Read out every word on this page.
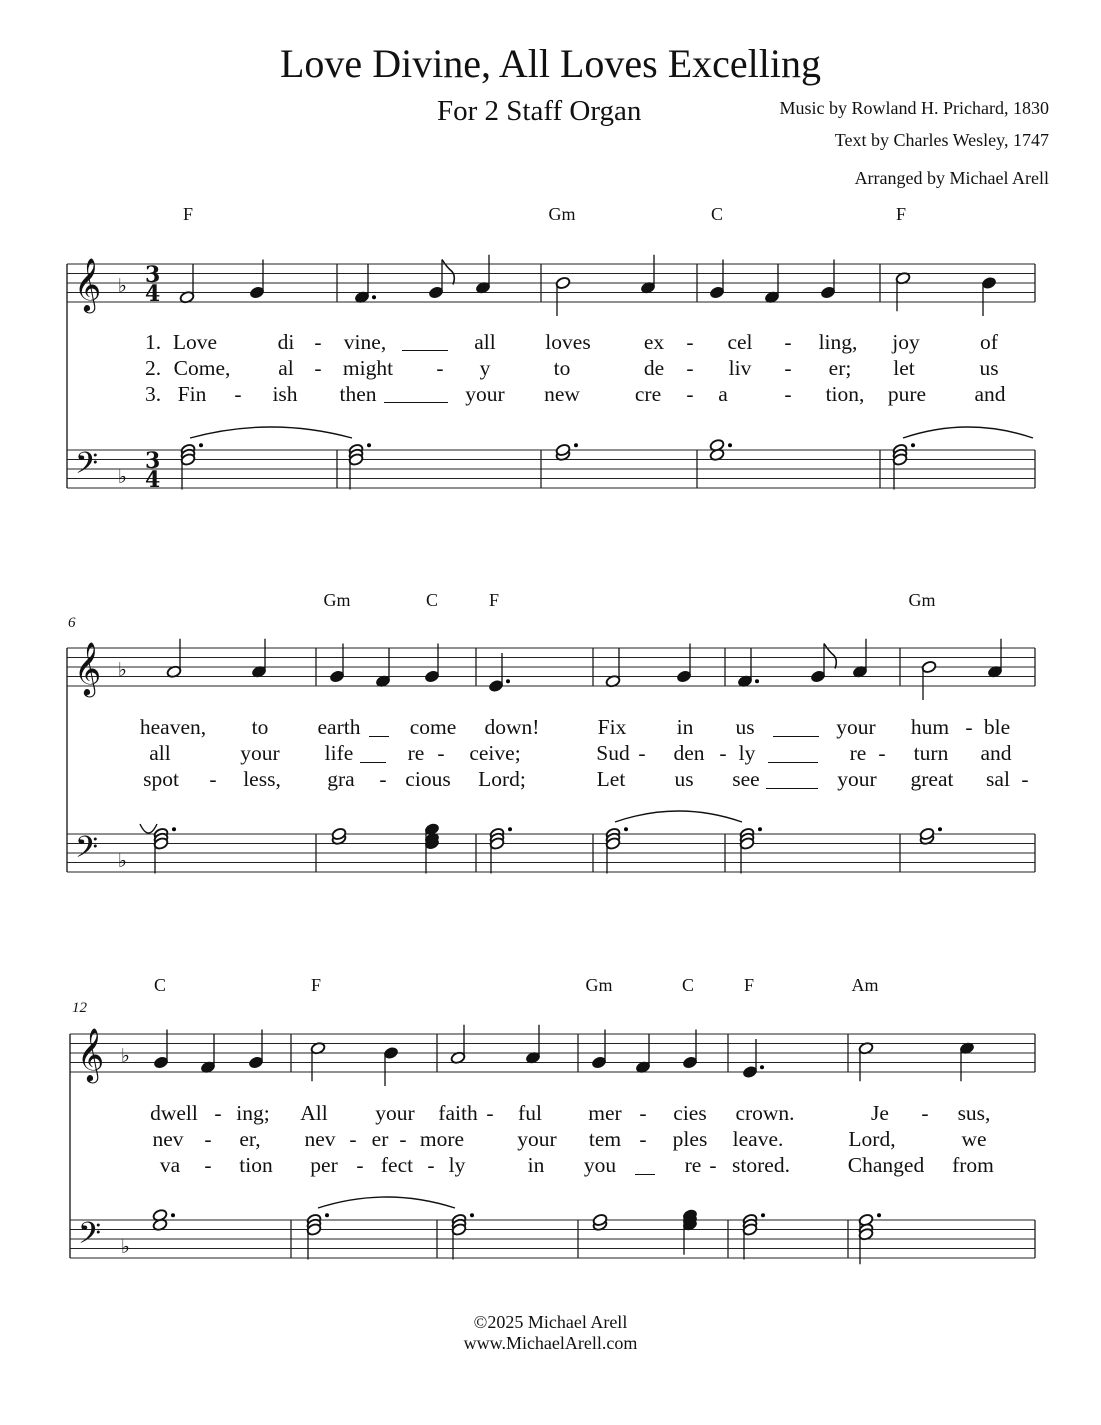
Love Divine, All Loves Excelling
For 2 Staff Organ	Music by Rowland H. Prichard, 1830
Text by Charles Wesley, 1747
Arranged by Michael Arell
𝄞
𝄢
♭
♭
3
4
3
4
𝄞
𝄢
♭
♭
𝄞
𝄢
♭
♭
F	Gm	C	F
Gm	C	F	Gm
C	F	Gm	C	F	Am
6
12
1. Love	di - vine,	all loves ex - cel - ling, joy	of
2. Come, al - might - y	to	de - liv - er; let	us
3. Fin - ish then	your new	cre - a	- tion, pure and
heaven, to earth come down!	Fix in us	your hum - ble
all	your life	re - ceive;	Sud - den - ly	re - turn and
spot - less, gra - cious Lord;	Let us see	your great sal -
dwell - ing; All your faith - ful mer - cies crown.	Je - sus,
nev - er, nev - er - more your tem - ples leave.	Lord,	we
va - tion per - fect - ly	in you	re - stored.	Changed from
©2025 Michael Arell
www.MichaelArell.com
